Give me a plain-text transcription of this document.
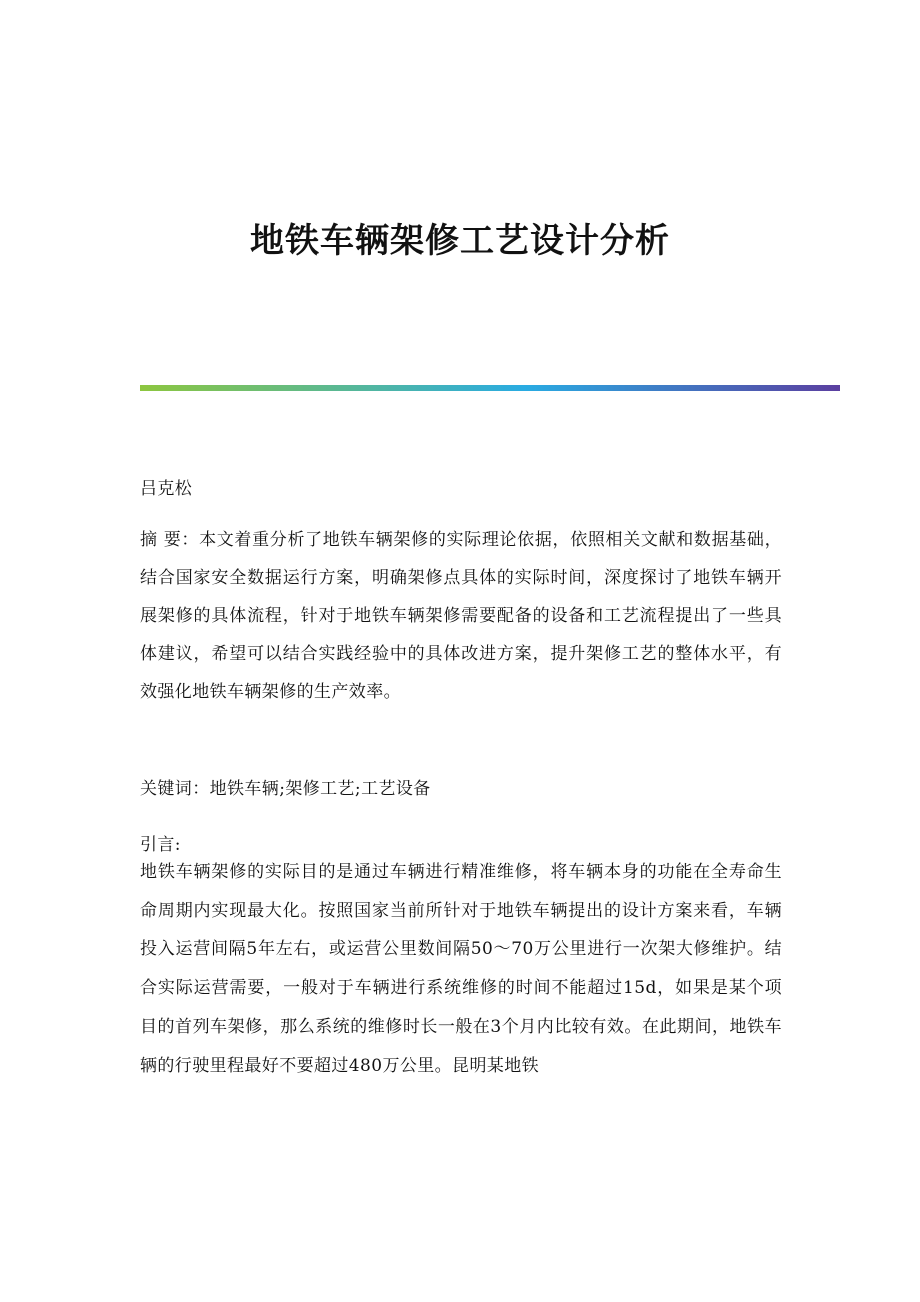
地铁车辆架修工艺设计分析

吕克松

摘 要：本文着重分析了地铁车辆架修的实际理论依据，依照相关文献和数据基础，结合国家安全数据运行方案，明确架修点具体的实际时间，深度探讨了地铁车辆开展架修的具体流程，针对于地铁车辆架修需要配备的设备和工艺流程提出了一些具体建议，希望可以结合实践经验中的具体改进方案，提升架修工艺的整体水平，有效强化地铁车辆架修的生产效率。

关键词：地铁车辆;架修工艺;工艺设备

引言:

地铁车辆架修的实际目的是通过车辆进行精准维修，将车辆本身的功能在全寿命生命周期内实现最大化。按照国家当前所针对于地铁车辆提出的设计方案来看，车辆投入运营间隔5年左右，或运营公里数间隔50～70万公里进行一次架大修维护。结合实际运营需要，一般对于车辆进行系统维修的时间不能超过15d，如果是某个项目的首列车架修，那么系统的维修时长一般在3个月内比较有效。在此期间，地铁车辆的行驶里程最好不要超过480万公里。昆明某地铁
